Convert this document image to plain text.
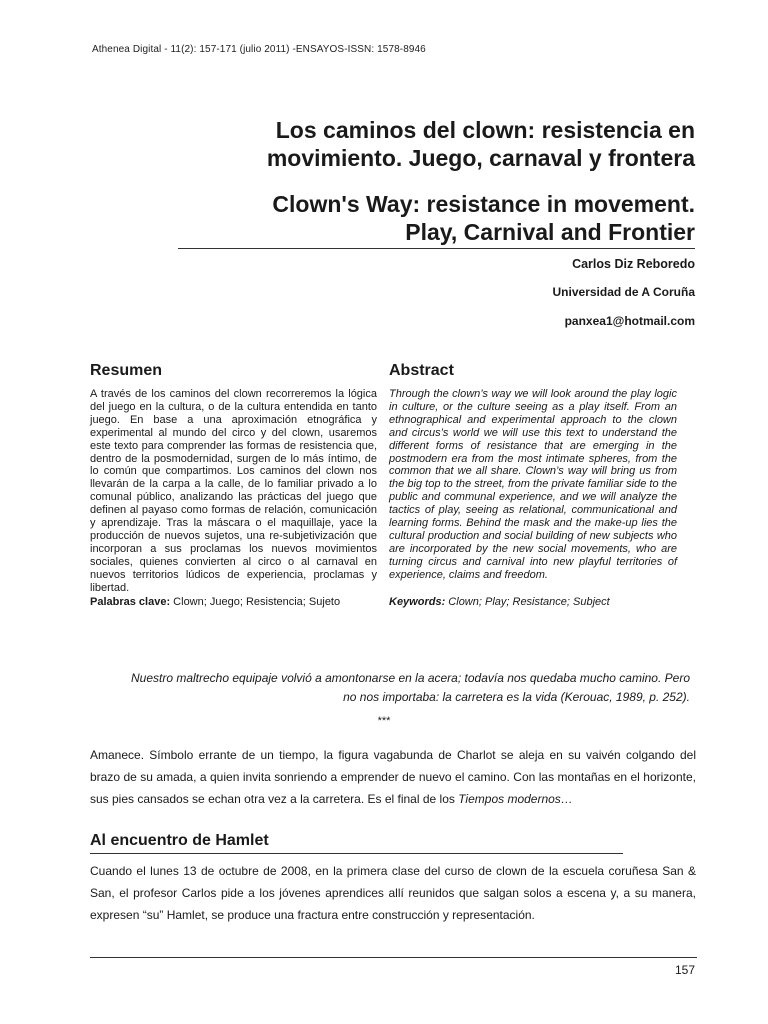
Athenea Digital - 11(2): 157-171 (julio 2011) -ENSAYOS-ISSN: 1578-8946
Los caminos del clown: resistencia en
movimiento. Juego, carnaval y frontera
Clown's Way: resistance in movement.
Play, Carnival and Frontier
Carlos Diz Reboredo
Universidad de A Coruña
panxea1@hotmail.com
Resumen	Abstract
A través de los caminos del clown recorreremos la lógica del juego en la cultura, o de la cultura entendida en tanto juego. En base a una aproximación etnográfica y experimental al mundo del circo y del clown, usaremos este texto para comprender las formas de resistencia que, dentro de la posmodernidad, surgen de lo más íntimo, de lo común que compartimos. Los caminos del clown nos llevarán de la carpa a la calle, de lo familiar privado a lo comunal público, analizando las prácticas del juego que definen al payaso como formas de relación, comunicación y aprendizaje. Tras la máscara o el maquillaje, yace la producción de nuevos sujetos, una re-subjetivización que incorporan a sus proclamas los nuevos movimientos sociales, quienes convierten al circo o al carnaval en nuevos territorios lúdicos de experiencia, proclamas y libertad.
Through the clown’s way we will look around the play logic in culture, or the culture seeing as a play itself. From an ethnographical and experimental approach to the clown and circus’s world we will use this text to understand the different forms of resistance that are emerging in the postmodern era from the most intimate spheres, from the common that we all share. Clown’s way will bring us from the big top to the street, from the private familiar side to the public and communal experience, and we will analyze the tactics of play, seeing as relational, communicational and learning forms. Behind the mask and the make-up lies the cultural production and social building of new subjects who are incorporated by the new social movements, who are turning circus and carnival into new playful territories of experience, claims and freedom.
Palabras clave: Clown; Juego; Resistencia; Sujeto	Keywords: Clown; Play; Resistance; Subject
Nuestro maltrecho equipaje volvió a amontonarse en la acera; todavía nos quedaba mucho camino. Pero
no nos importaba: la carretera es la vida (Kerouac, 1989, p. 252).
***
Amanece. Símbolo errante de un tiempo, la figura vagabunda de Charlot se aleja en su vaivén colgando del brazo de su amada, a quien invita sonriendo a emprender de nuevo el camino. Con las montañas en el horizonte, sus pies cansados se echan otra vez a la carretera. Es el final de los Tiempos modernos…
Al encuentro de Hamlet
Cuando el lunes 13 de octubre de 2008, en la primera clase del curso de clown de la escuela coruñesa San & San, el profesor Carlos pide a los jóvenes aprendices allí reunidos que salgan solos a escena y, a su manera, expresen “su” Hamlet, se produce una fractura entre construcción y representación.
157
